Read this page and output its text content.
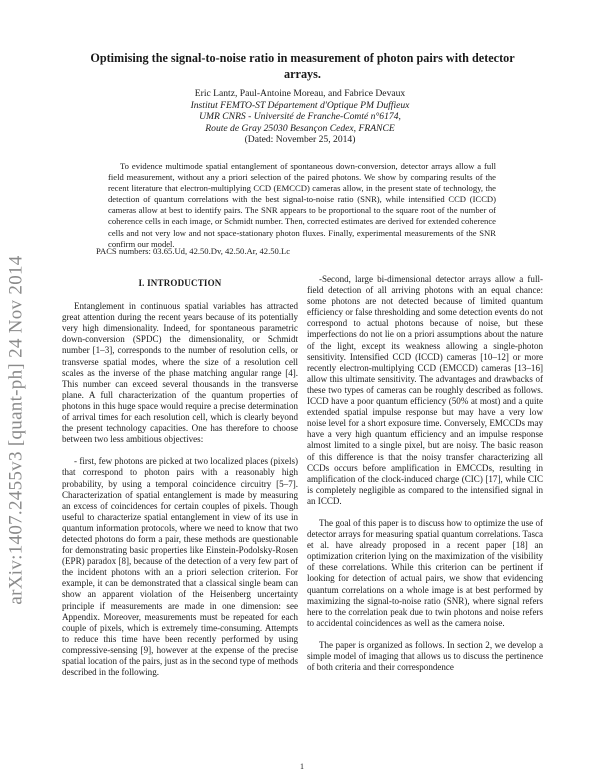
arXiv:1407.2455v3 [quant-ph] 24 Nov 2014
Optimising the signal-to-noise ratio in measurement of photon pairs with detector arrays.
Eric Lantz, Paul-Antoine Moreau, and Fabrice Devaux
Institut FEMTO-ST Département d'Optique PM Duffieux
UMR CNRS - Université de Franche-Comté n°6174,
Route de Gray 25030 Besançon Cedex, FRANCE
(Dated: November 25, 2014)
To evidence multimode spatial entanglement of spontaneous down-conversion, detector arrays allow a full field measurement, without any a priori selection of the paired photons. We show by comparing results of the recent literature that electron-multiplying CCD (EMCCD) cameras allow, in the present state of technology, the detection of quantum correlations with the best signal-to-noise ratio (SNR), while intensified CCD (ICCD) cameras allow at best to identify pairs. The SNR appears to be proportional to the square root of the number of coherence cells in each image, or Schmidt number. Then, corrected estimates are derived for extended coherence cells and not very low and not space-stationary photon fluxes. Finally, experimental measurements of the SNR confirm our model.
PACS numbers: 03.65.Ud, 42.50.Dv, 42.50.Ar, 42.50.Lc
I. INTRODUCTION

Entanglement in continuous spatial variables has attracted great attention during the recent years because of its potentially very high dimensionality. Indeed, for spontaneous parametric down-conversion (SPDC) the dimensionality, or Schmidt number [1–3], corresponds to the number of resolution cells, or transverse spatial modes, where the size of a resolution cell scales as the inverse of the phase matching angular range [4]. This number can exceed several thousands in the transverse plane. A full characterization of the quantum properties of photons in this huge space would require a precise determination of arrival times for each resolution cell, which is clearly beyond the present technology capacities. One has therefore to choose between two less ambitious objectives:

- first, few photons are picked at two localized places (pixels) that correspond to photon pairs with a reasonably high probability, by using a temporal coincidence circuitry [5–7]. Characterization of spatial entanglement is made by measuring an excess of coincidences for certain couples of pixels. Though useful to characterize spatial entanglement in view of its use in quantum information protocols, where we need to know that two detected photons do form a pair, these methods are questionable for demonstrating basic properties like Einstein-Podolsky-Rosen (EPR) paradox [8], because of the detection of a very few part of the incident photons with an a priori selection criterion. For example, it can be demonstrated that a classical single beam can show an apparent violation of the Heisenberg uncertainty principle if measurements are made in one dimension: see Appendix. Moreover, measurements must be repeated for each couple of pixels, which is extremely time-consuming. Attempts to reduce this time have been recently performed by using compressive-sensing [9], however at the expense of the precise spatial location of the pairs, just as in the second type of methods described in the following.

-Second, large bi-dimensional detector arrays allow a full-field detection of all arriving photons with an equal chance: some photons are not detected because of limited quantum efficiency or false thresholding and some detection events do not correspond to actual photons because of noise, but these imperfections do not lie on a priori assumptions about the nature of the light, except its weakness allowing a single-photon sensitivity. Intensified CCD (ICCD) cameras [10–12] or more recently electron-multiplying CCD (EMCCD) cameras [13–16] allow this ultimate sensitivity. The advantages and drawbacks of these two types of cameras can be roughly described as follows. ICCD have a poor quantum efficiency (50% at most) and a quite extended spatial impulse response but may have a very low noise level for a short exposure time. Conversely, EMCCDs may have a very high quantum efficiency and an impulse response almost limited to a single pixel, but are noisy. The basic reason of this difference is that the noisy transfer characterizing all CCDs occurs before amplification in EMCCDs, resulting in amplification of the clock-induced charge (CIC) [17], while CIC is completely negligible as compared to the intensified signal in an ICCD.

The goal of this paper is to discuss how to optimize the use of detector arrays for measuring spatial quantum correlations. Tasca et al. have already proposed in a recent paper [18] an optimization criterion lying on the maximization of the visibility of these correlations. While this criterion can be pertinent if looking for detection of actual pairs, we show that evidencing quantum correlations on a whole image is at best performed by maximizing the signal-to-noise ratio (SNR), where signal refers here to the correlation peak due to twin photons and noise refers to accidental coincidences as well as the camera noise.

The paper is organized as follows. In section 2, we develop a simple model of imaging that allows us to discuss the pertinence of both criteria and their correspondence

1
